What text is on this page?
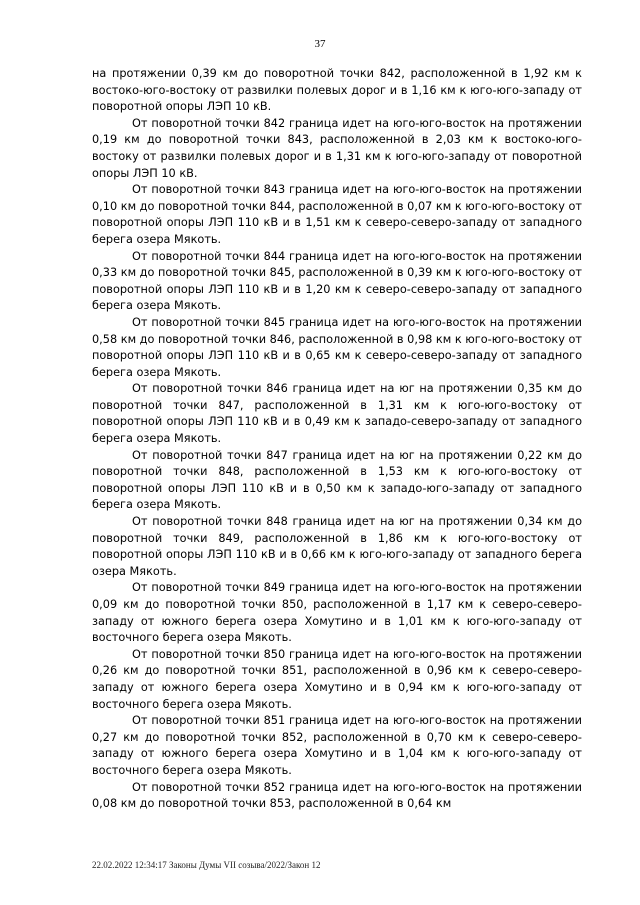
37

на протяжении 0,39 км до поворотной точки 842, расположенной в 1,92 км к востоко-юго-востоку от развилки полевых дорог и в 1,16 км к юго-юго-западу от поворотной опоры ЛЭП 10 кВ.

От поворотной точки 842 граница идет на юго-юго-восток на протяжении 0,19 км до поворотной точки 843, расположенной в 2,03 км к востоко-юго-востоку от развилки полевых дорог и в 1,31 км к юго-юго-западу от поворотной опоры ЛЭП 10 кВ.

От поворотной точки 843 граница идет на юго-юго-восток на протяжении 0,10 км до поворотной точки 844, расположенной в 0,07 км к юго-юго-востоку от поворотной опоры ЛЭП 110 кВ и в 1,51 км к северо-северо-западу от западного берега озера Мякоть.

От поворотной точки 844 граница идет на юго-юго-восток на протяжении 0,33 км до поворотной точки 845, расположенной в 0,39 км к юго-юго-востоку от поворотной опоры ЛЭП 110 кВ и в 1,20 км к северо-северо-западу от западного берега озера Мякоть.

От поворотной точки 845 граница идет на юго-юго-восток на протяжении 0,58 км до поворотной точки 846, расположенной в 0,98 км к юго-юго-востоку от поворотной опоры ЛЭП 110 кВ и в 0,65 км к северо-северо-западу от западного берега озера Мякоть.

От поворотной точки 846 граница идет на юг на протяжении 0,35 км до поворотной точки 847, расположенной в 1,31 км к юго-юго-востоку от поворотной опоры ЛЭП 110 кВ и в 0,49 км к западо-северо-западу от западного берега озера Мякоть.

От поворотной точки 847 граница идет на юг на протяжении 0,22 км до поворотной точки 848, расположенной в 1,53 км к юго-юго-востоку от поворотной опоры ЛЭП 110 кВ и в 0,50 км к западо-юго-западу от западного берега озера Мякоть.

От поворотной точки 848 граница идет на юг на протяжении 0,34 км до поворотной точки 849, расположенной в 1,86 км к юго-юго-востоку от поворотной опоры ЛЭП 110 кВ и в 0,66 км к юго-юго-западу от западного берега озера Мякоть.

От поворотной точки 849 граница идет на юго-юго-восток на протяжении 0,09 км до поворотной точки 850, расположенной в 1,17 км к северо-северо-западу от южного берега озера Хомутино и в 1,01 км к юго-юго-западу от восточного берега озера Мякоть.

От поворотной точки 850 граница идет на юго-юго-восток на протяжении 0,26 км до поворотной точки 851, расположенной в 0,96 км к северо-северо-западу от южного берега озера Хомутино и в 0,94 км к юго-юго-западу от восточного берега озера Мякоть.

От поворотной точки 851 граница идет на юго-юго-восток на протяжении 0,27 км до поворотной точки 852, расположенной в 0,70 км к северо-северо-западу от южного берега озера Хомутино и в 1,04 км к юго-юго-западу от восточного берега озера Мякоть.

От поворотной точки 852 граница идет на юго-юго-восток на протяжении 0,08 км до поворотной точки 853, расположенной в 0,64 км

22.02.2022 12:34:17 Законы Думы VII созыва/2022/Закон 12
